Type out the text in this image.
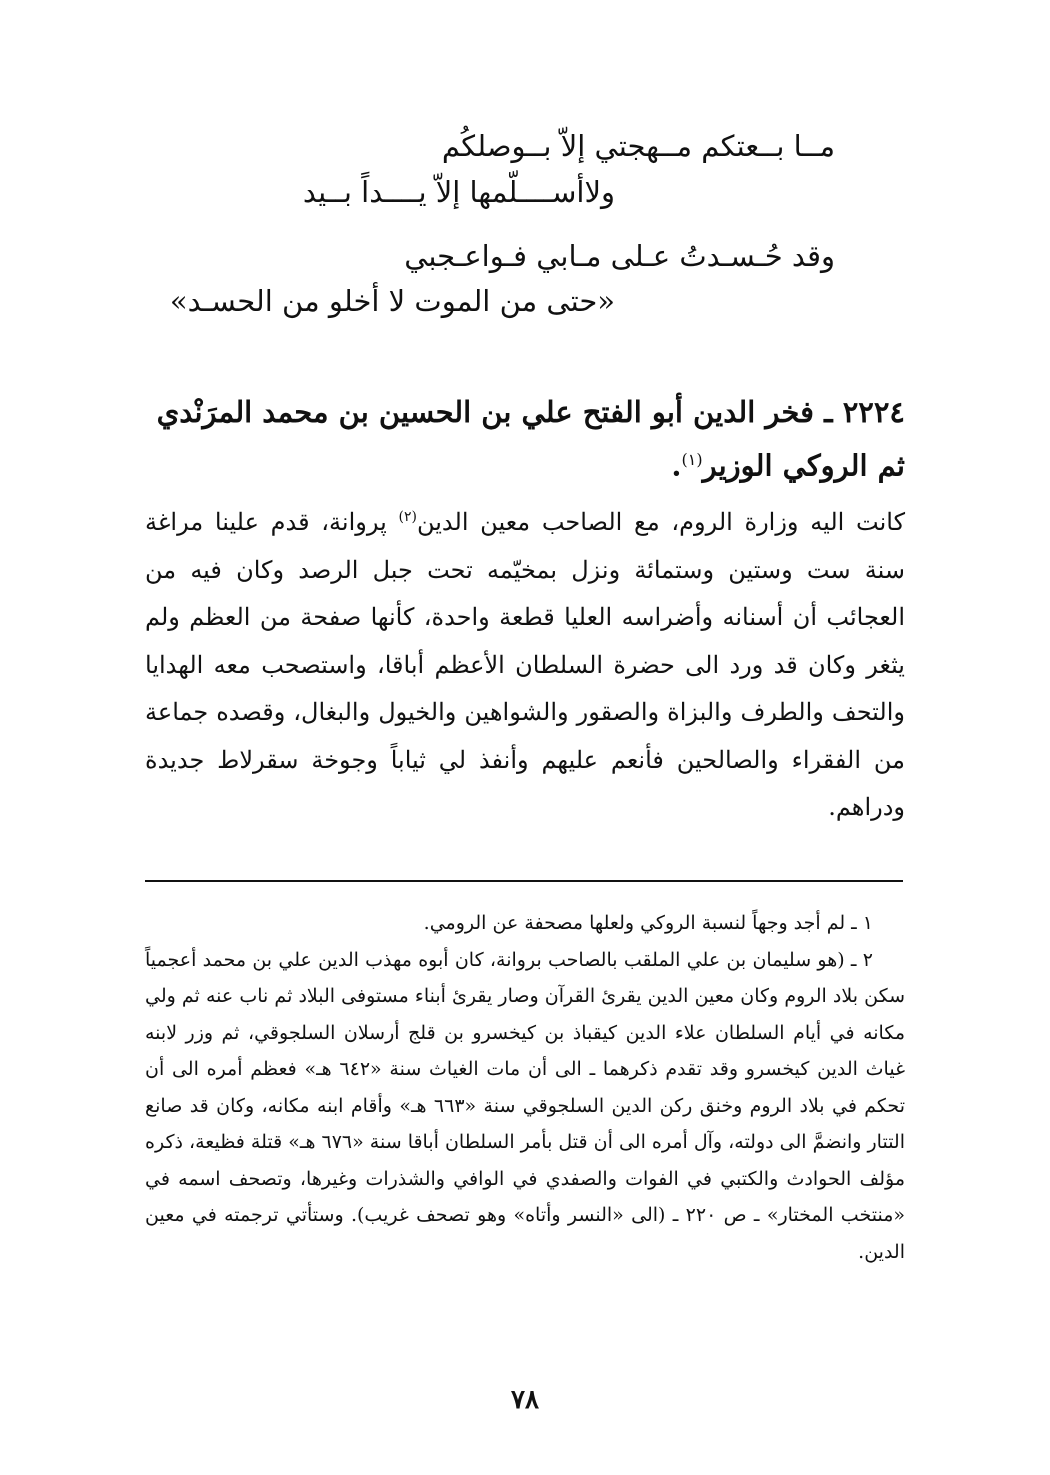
مــا بــعتكم مــهجتي إلاّ بــوصلكُم
ولاأســــلّمها إلاّ يــــداً بــيد
وقد حُـسـدتُ عـلى مـابي فـواعـجبي
«حتى من الموت لا أخلو من الحسـد»
٢٢٢٤ ـ فخر الدين أبو الفتح علي بن الحسين بن محمد المرَنْدي ثم الروكي الوزير$^{(١)}$.

كانت اليه وزارة الروم، مع الصاحب معين الدين$^{(٢)}$ پروانة، قدم علينا مراغة سنة ست وستين وستمائة ونزل بمخيّمه تحت جبل الرصد وكان فيه من العجائب أن أسنانه وأضراسه العليا قطعة واحدة، كأنها صفحة من العظم ولم يثغر وكان قد ورد الى حضرة السلطان الأعظم أباقا، واستصحب معه الهدايا والتحف والطرف والبزاة والصقور والشواهين والخيول والبغال، وقصده جماعة من الفقراء والصالحين فأنعم عليهم وأنفذ لي ثياباً وجوخة سقرلاط جديدة ودراهم.

١ ـ لم أجد وجهاً لنسبة الروكي ولعلها مصحفة عن الرومي.

٢ ـ (هو سليمان بن علي الملقب بالصاحب بروانة، كان أبوه مهذب الدين علي بن محمد أعجمياً سكن بلاد الروم وكان معين الدين يقرئ القرآن وصار يقرئ أبناء مستوفى البلاد ثم ناب عنه ثم ولي مكانه في أيام السلطان علاء الدين كيقباذ بن كيخسرو بن قلج أرسلان السلجوقي، ثم وزر لابنه غياث الدين كيخسرو وقد تقدم ذكرهما ـ الى أن مات الغياث سنة «٦٤٢ هـ» فعظم أمره الى أن تحكم في بلاد الروم وخنق ركن الدين السلجوقي سنة «٦٦٣ هـ» وأقام ابنه مكانه، وكان قد صانع التتار وانضمَّ الى دولته، وآل أمره الى أن قتل بأمر السلطان أباقا سنة «٦٧٦ هـ» قتلة فظيعة، ذكره مؤلف الحوادث والكتبي في الفوات والصفدي في الوافي والشذرات وغيرها، وتصحف اسمه في «منتخب المختار» ـ ص ٢٢٠ ـ (الى «النسر وأتاه» وهو تصحف غريب). وستأتي ترجمته في معين الدين.

٧٨
